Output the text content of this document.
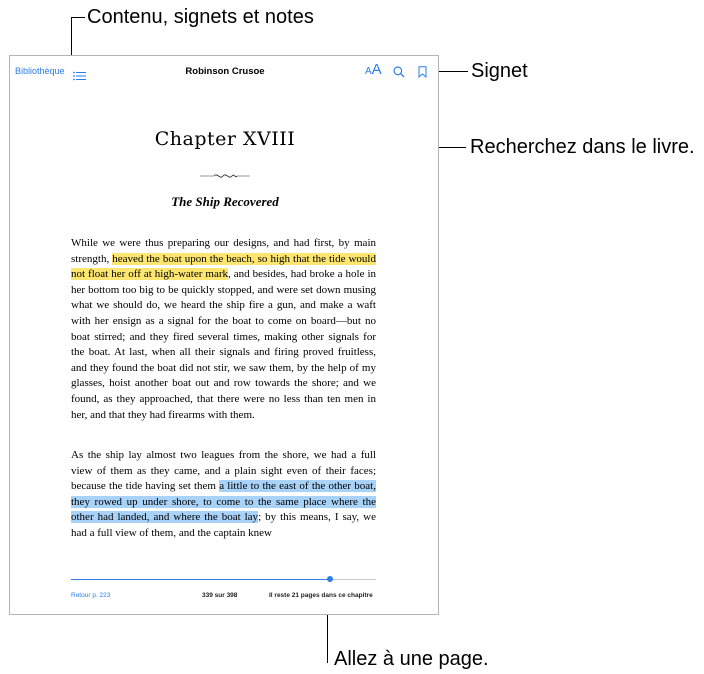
Contenu, signets et notes
Signet
Recherchez dans le livre.
Allez à une page.
Bibliothèque	Robinson Crusoe	AA
Chapter XVIII
The Ship Recovered
While we were thus preparing our designs, and had first, by main strength, heaved the boat upon the beach, so high that the tide would not float her off at high-water mark, and besides, had broke a hole in her bottom too big to be quickly stopped, and were set down musing what we should do, we heard the ship fire a gun, and make a waft with her ensign as a signal for the boat to come on board—but no boat stirred; and they fired several times, making other signals for the boat. At last, when all their signals and firing proved fruitless, and they found the boat did not stir, we saw them, by the help of my glasses, hoist another boat out and row towards the shore; and we found, as they approached, that there were no less than ten men in her, and that they had firearms with them.
As the ship lay almost two leagues from the shore, we had a full view of them as they came, and a plain sight even of their faces; because the tide having set them a little to the east of the other boat, they rowed up under shore, to come to the same place where the other had landed, and where the boat lay; by this means, I say, we had a full view of them, and the captain knew
Retour p. 223	339 sur 398	Il reste 21 pages dans ce chapitre
